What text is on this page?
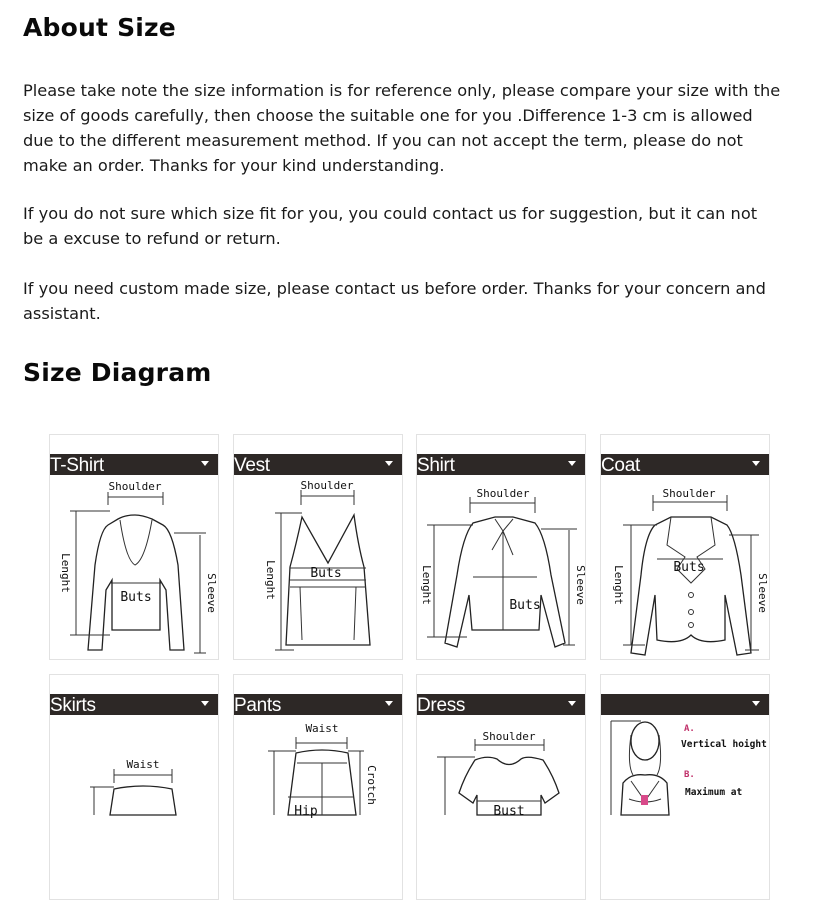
About Size
Please take note the size information is for reference only, please compare your size with the
size of goods carefully, then choose the suitable one for you .Difference 1-3 cm is allowed
due to the different measurement method. If you can not accept the term, please do not
make an order. Thanks for your kind understanding.
If you do not sure which size fit for you, you could contact us for suggestion, but it can not
be a excuse to refund or return.
If you need custom made size, please contact us before order. Thanks for your concern and
assistant.
Size Diagram
T-Shirt
Shoulder
Lenght
Buts	Sleeve
Vest
Shoulder
Buts
Lenght
Shirt
Shoulder
Buts
Lenght	Sleeve
Coat
Shoulder
Buts
Lenght	Sleeve
Skirts
Waist
Pants
Waist
Crotch
Hip
Dress
Shoulder
Bust
A.
Vertical hoight
B.
Maximum at
